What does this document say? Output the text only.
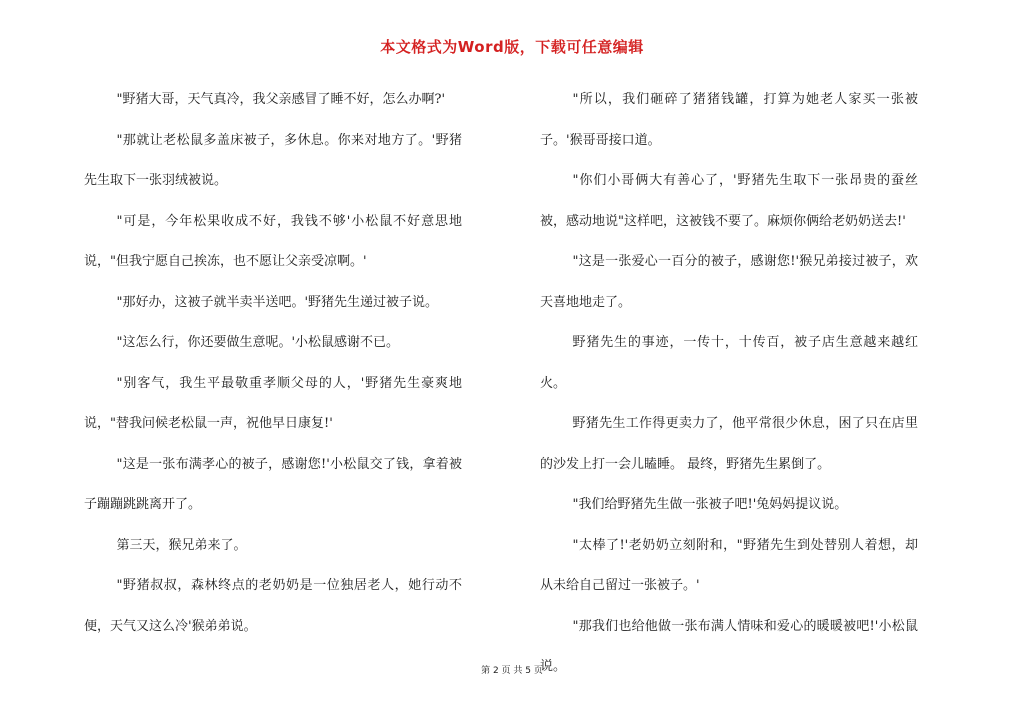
本文格式为Word版，下载可任意编辑

"野猪大哥，天气真冷，我父亲感冒了睡不好，怎么办啊?'

"那就让老松鼠多盖床被子，多休息。你来对地方了。'野猪先生取下一张羽绒被说。

"可是，今年松果收成不好，我钱不够'小松鼠不好意思地说，"但我宁愿自己挨冻，也不愿让父亲受凉啊。'

"那好办，这被子就半卖半送吧。'野猪先生递过被子说。

"这怎么行，你还要做生意呢。'小松鼠感谢不已。

"别客气，我生平最敬重孝顺父母的人，'野猪先生豪爽地说，"替我问候老松鼠一声，祝他早日康复!'

"这是一张布满孝心的被子，感谢您!'小松鼠交了钱，拿着被子蹦蹦跳跳离开了。

第三天，猴兄弟来了。

"野猪叔叔，森林终点的老奶奶是一位独居老人，她行动不便，天气又这么冷'猴弟弟说。

"所以，我们砸碎了猪猪钱罐，打算为她老人家买一张被子。'猴哥哥接口道。

"你们小哥俩大有善心了，'野猪先生取下一张昂贵的蚕丝被，感动地说"这样吧，这被钱不要了。麻烦你俩给老奶奶送去!'

"这是一张爱心一百分的被子，感谢您!'猴兄弟接过被子，欢天喜地地走了。

野猪先生的事迹，一传十，十传百，被子店生意越来越红火。

野猪先生工作得更卖力了，他平常很少休息，困了只在店里的沙发上打一会儿瞌睡。 最终，野猪先生累倒了。

"我们给野猪先生做一张被子吧!'兔妈妈提议说。

"太棒了!'老奶奶立刻附和，"野猪先生到处替别人着想，却从未给自己留过一张被子。'

"那我们也给他做一张布满人情味和爱心的暖暖被吧!'小松鼠说。

第 2 页 共 5 页
